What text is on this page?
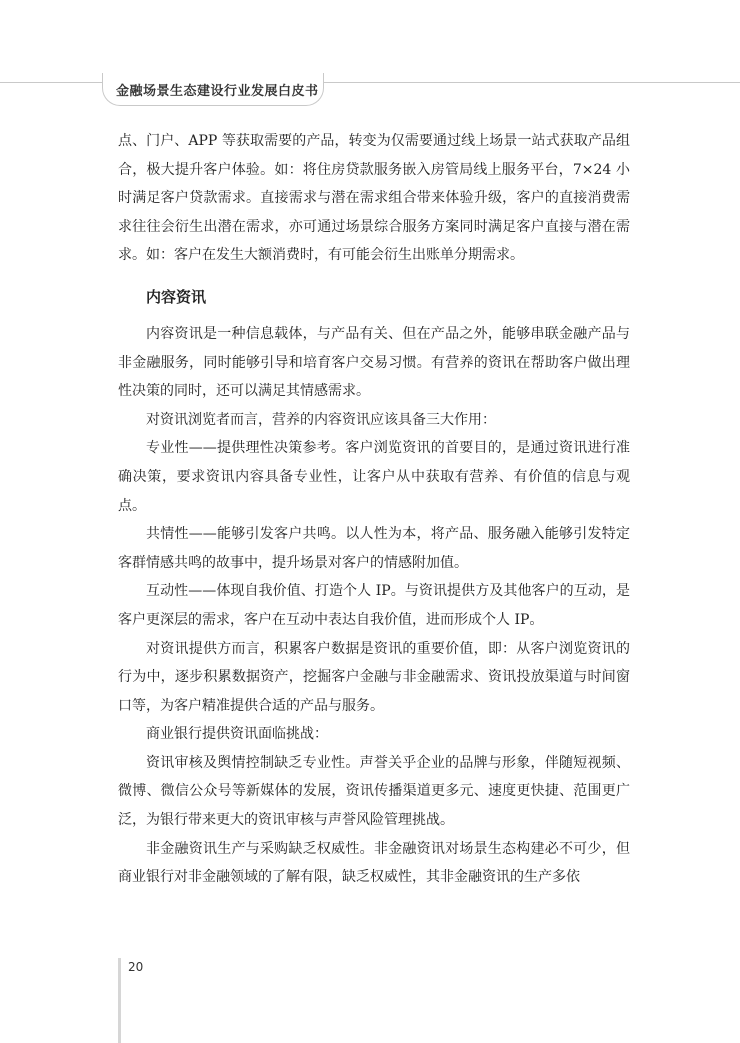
金融场景生态建设行业发展白皮书

点、门户、APP 等获取需要的产品，转变为仅需要通过线上场景一站式获取产品组合，极大提升客户体验。如：将住房贷款服务嵌入房管局线上服务平台，7×24 小时满足客户贷款需求。直接需求与潜在需求组合带来体验升级，客户的直接消费需求往往会衍生出潜在需求，亦可通过场景综合服务方案同时满足客户直接与潜在需求。如：客户在发生大额消费时，有可能会衍生出账单分期需求。

内容资讯

内容资讯是一种信息载体，与产品有关、但在产品之外，能够串联金融产品与非金融服务，同时能够引导和培育客户交易习惯。有营养的资讯在帮助客户做出理性决策的同时，还可以满足其情感需求。

对资讯浏览者而言，营养的内容资讯应该具备三大作用：

专业性——提供理性决策参考。客户浏览资讯的首要目的，是通过资讯进行准确决策，要求资讯内容具备专业性，让客户从中获取有营养、有价值的信息与观点。

共情性——能够引发客户共鸣。以人性为本，将产品、服务融入能够引发特定客群情感共鸣的故事中，提升场景对客户的情感附加值。

互动性——体现自我价值、打造个人 IP。与资讯提供方及其他客户的互动，是客户更深层的需求，客户在互动中表达自我价值，进而形成个人 IP。

对资讯提供方而言，积累客户数据是资讯的重要价值，即：从客户浏览资讯的行为中，逐步积累数据资产，挖掘客户金融与非金融需求、资讯投放渠道与时间窗口等，为客户精准提供合适的产品与服务。

商业银行提供资讯面临挑战：

资讯审核及舆情控制缺乏专业性。声誉关乎企业的品牌与形象，伴随短视频、微博、微信公众号等新媒体的发展，资讯传播渠道更多元、速度更快捷、范围更广泛，为银行带来更大的资讯审核与声誉风险管理挑战。

非金融资讯生产与采购缺乏权威性。非金融资讯对场景生态构建必不可少，但商业银行对非金融领域的了解有限，缺乏权威性，其非金融资讯的生产多依

20
